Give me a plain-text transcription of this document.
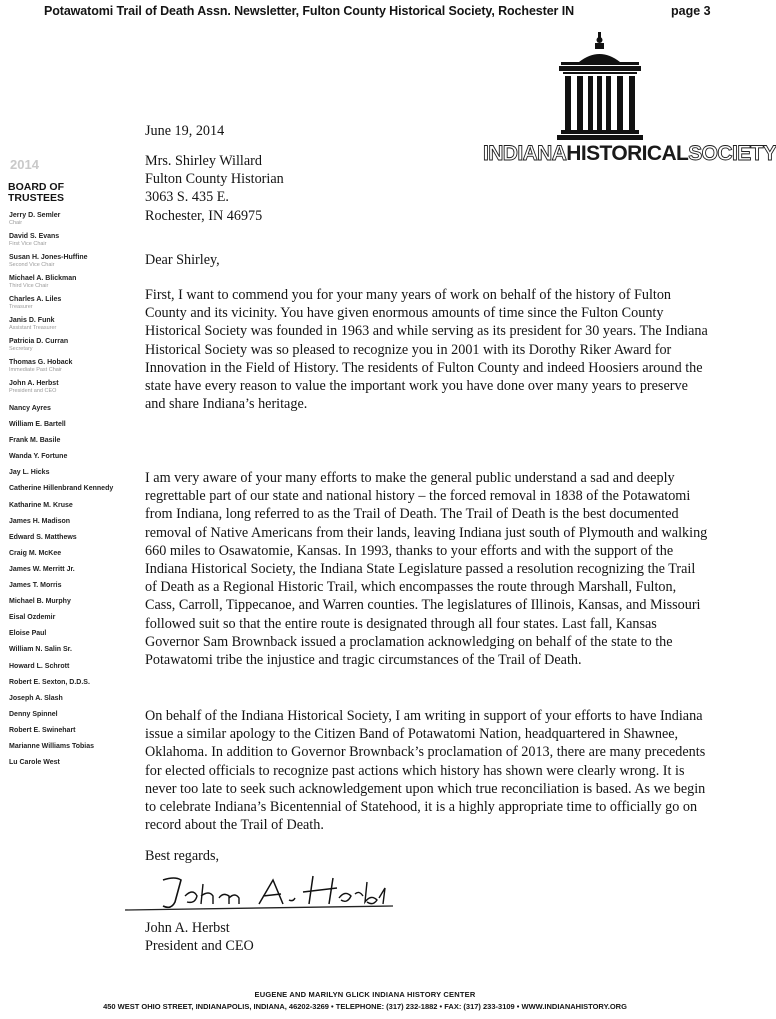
Potawatomi Trail of Death Assn. Newsletter, Fulton County Historical Society, Rochester IN	page 3
INDIANAHISTORICALSOCIETY
2014
BOARD OF TRUSTEES
Jerry D. Semler
Chair
David S. Evans
First Vice Chair
Susan H. Jones-Huffine
Second Vice Chair
Michael A. Blickman
Third Vice Chair
Charles A. Liles
Treasurer
Janis D. Funk
Assistant Treasurer
Patricia D. Curran
Secretary
Thomas G. Hoback
Immediate Past Chair
John A. Herbst
President and CEO
Nancy Ayres
William E. Bartell
Frank M. Basile
Wanda Y. Fortune
Jay L. Hicks
Catherine Hillenbrand Kennedy
Katharine M. Kruse
James H. Madison
Edward S. Matthews
Craig M. McKee
James W. Merritt Jr.
James T. Morris
Michael B. Murphy
Eisal Ozdemir
Eloise Paul
William N. Salin Sr.
Howard L. Schrott
Robert E. Sexton, D.D.S.
Joseph A. Slash
Denny Spinnel
Robert E. Swinehart
Marianne Williams Tobias
Lu Carole West
June 19, 2014
Mrs. Shirley Willard
Fulton County Historian
3063 S. 435 E.
Rochester, IN 46975
Dear Shirley,
First, I want to commend you for your many years of work on behalf of the history of Fulton County and its vicinity. You have given enormous amounts of time since the Fulton County Historical Society was founded in 1963 and while serving as its president for 30 years. The Indiana Historical Society was so pleased to recognize you in 2001 with its Dorothy Riker Award for Innovation in the Field of History. The residents of Fulton County and indeed Hoosiers around the state have every reason to value the important work you have done over many years to preserve and share Indiana’s heritage.
I am very aware of your many efforts to make the general public understand a sad and deeply regrettable part of our state and national history – the forced removal in 1838 of the Potawatomi from Indiana, long referred to as the Trail of Death. The Trail of Death is the best documented removal of Native Americans from their lands, leaving Indiana just south of Plymouth and walking 660 miles to Osawatomie, Kansas. In 1993, thanks to your efforts and with the support of the Indiana Historical Society, the Indiana State Legislature passed a resolution recognizing the Trail of Death as a Regional Historic Trail, which encompasses the route through Marshall, Fulton, Cass, Carroll, Tippecanoe, and Warren counties. The legislatures of Illinois, Kansas, and Missouri followed suit so that the entire route is designated through all four states. Last fall, Kansas Governor Sam Brownback issued a proclamation acknowledging on behalf of the state to the Potawatomi tribe the injustice and tragic circumstances of the Trail of Death.
On behalf of the Indiana Historical Society, I am writing in support of your efforts to have Indiana issue a similar apology to the Citizen Band of Potawatomi Nation, headquartered in Shawnee, Oklahoma. In addition to Governor Brownback’s proclamation of 2013, there are many precedents for elected officials to recognize past actions which history has shown were clearly wrong. It is never too late to seek such acknowledgement upon which true reconciliation is based. As we begin to celebrate Indiana’s Bicentennial of Statehood, it is a highly appropriate time to officially go on record about the Trail of Death.
Best regards,
John A. Herbst
President and CEO
EUGENE AND MARILYN GLICK INDIANA HISTORY CENTER
450 WEST OHIO STREET, INDIANAPOLIS, INDIANA, 46202-3269 • TELEPHONE: (317) 232-1882 • FAX: (317) 233-3109 • WWW.INDIANAHISTORY.ORG
